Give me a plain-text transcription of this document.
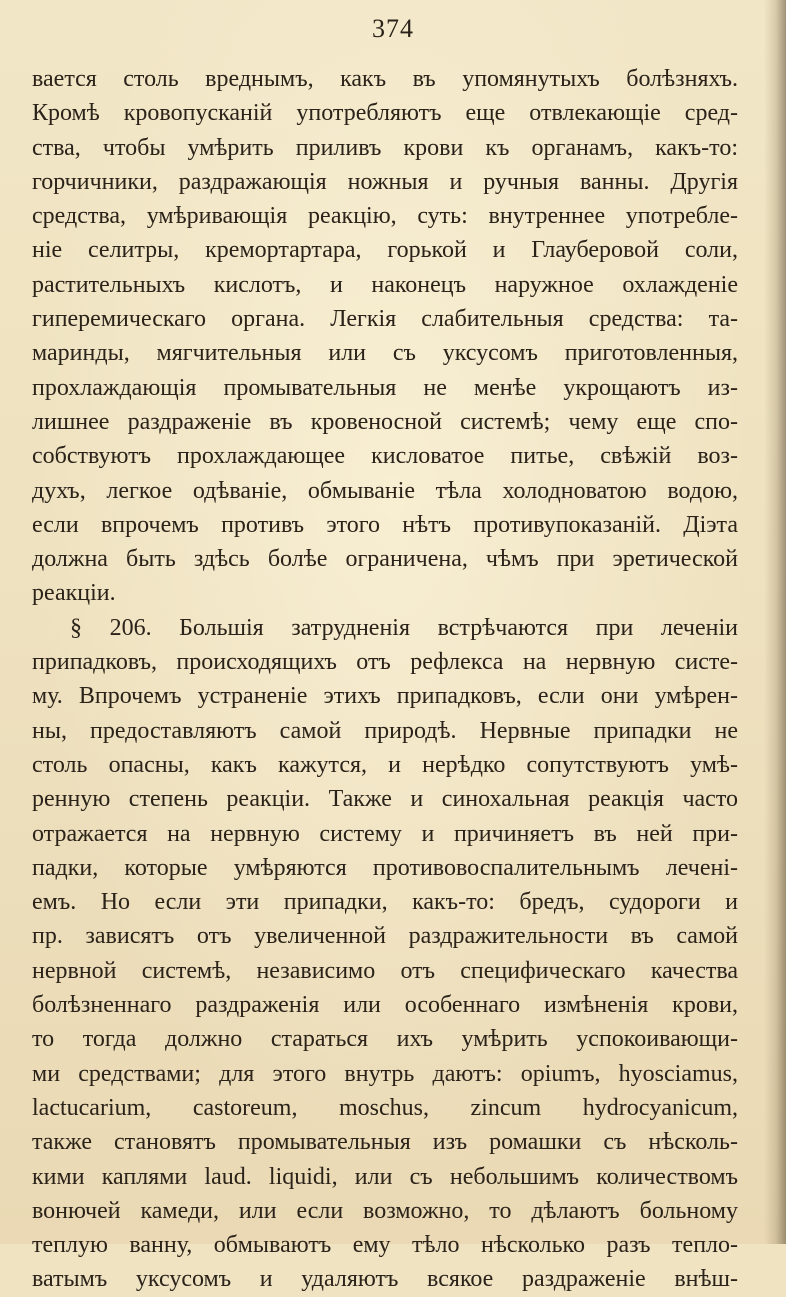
374
вается столь вреднымъ, какъ въ упомянутыхъ болѣзняхъ.
Кромѣ кровопусканій употребляютъ еще отвлекающіе сред-
ства, чтобы умѣрить приливъ крови къ органамъ, какъ-то:
горчичники, раздражающія ножныя и ручныя ванны. Другія
средства, умѣривающія реакцію, суть: внутреннее употребле-
ніе селитры, кремортартара, горькой и Глауберовой соли,
растительныхъ кислотъ, и наконецъ наружное охлажденіе
гиперемическаго органа. Легкія слабительныя средства: та-
маринды, мягчительныя или съ уксусомъ приготовленныя,
прохлаждающія промывательныя не менѣе укрощаютъ из-
лишнее раздраженіе въ кровеносной системѣ; чему еще спо-
собствуютъ прохлаждающее кисловатое питье, свѣжій воз-
духъ, легкое одѣваніе, обмываніе тѣла холодноватою водою,
если впрочемъ противъ этого нѣтъ противупоказаній. Діэта
должна быть здѣсь болѣе ограничена, чѣмъ при эретической
реакціи.
§ 206. Большія затрудненія встрѣчаются при леченіи
припадковъ, происходящихъ отъ рефлекса на нервную систе-
му. Впрочемъ устраненіе этихъ припадковъ, если они умѣрен-
ны, предоставляютъ самой природѣ. Нервные припадки не
столь опасны, какъ кажутся, и нерѣдко сопутствуютъ умѣ-
ренную степень реакціи. Также и синохальная реакція часто
отражается на нервную систему и причиняетъ въ ней при-
падки, которые умѣряются противовоспалительнымъ лечені-
емъ. Но если эти припадки, какъ-то: бредъ, судороги и
пр. зависятъ отъ увеличенной раздражительности въ самой
нервной системѣ, независимо отъ специфическаго качества
болѣзненнаго раздраженія или особеннаго измѣненія крови,
то тогда должно стараться ихъ умѣрить успокоивающи-
ми средствами; для этого внутрь даютъ: opiumъ, hyosciamus,
lactucarium, castoreum, moschus, zincum hydrocyanicum,
также становятъ промывательныя изъ ромашки съ нѣсколь-
кими каплями laud. liquidi, или съ небольшимъ количествомъ
вонючей камеди, или если возможно, то дѣлаютъ больному
теплую ванну, обмываютъ ему тѣло нѣсколько разъ тепло-
ватымъ уксусомъ и удаляютъ всякое раздраженіе внѣш-
